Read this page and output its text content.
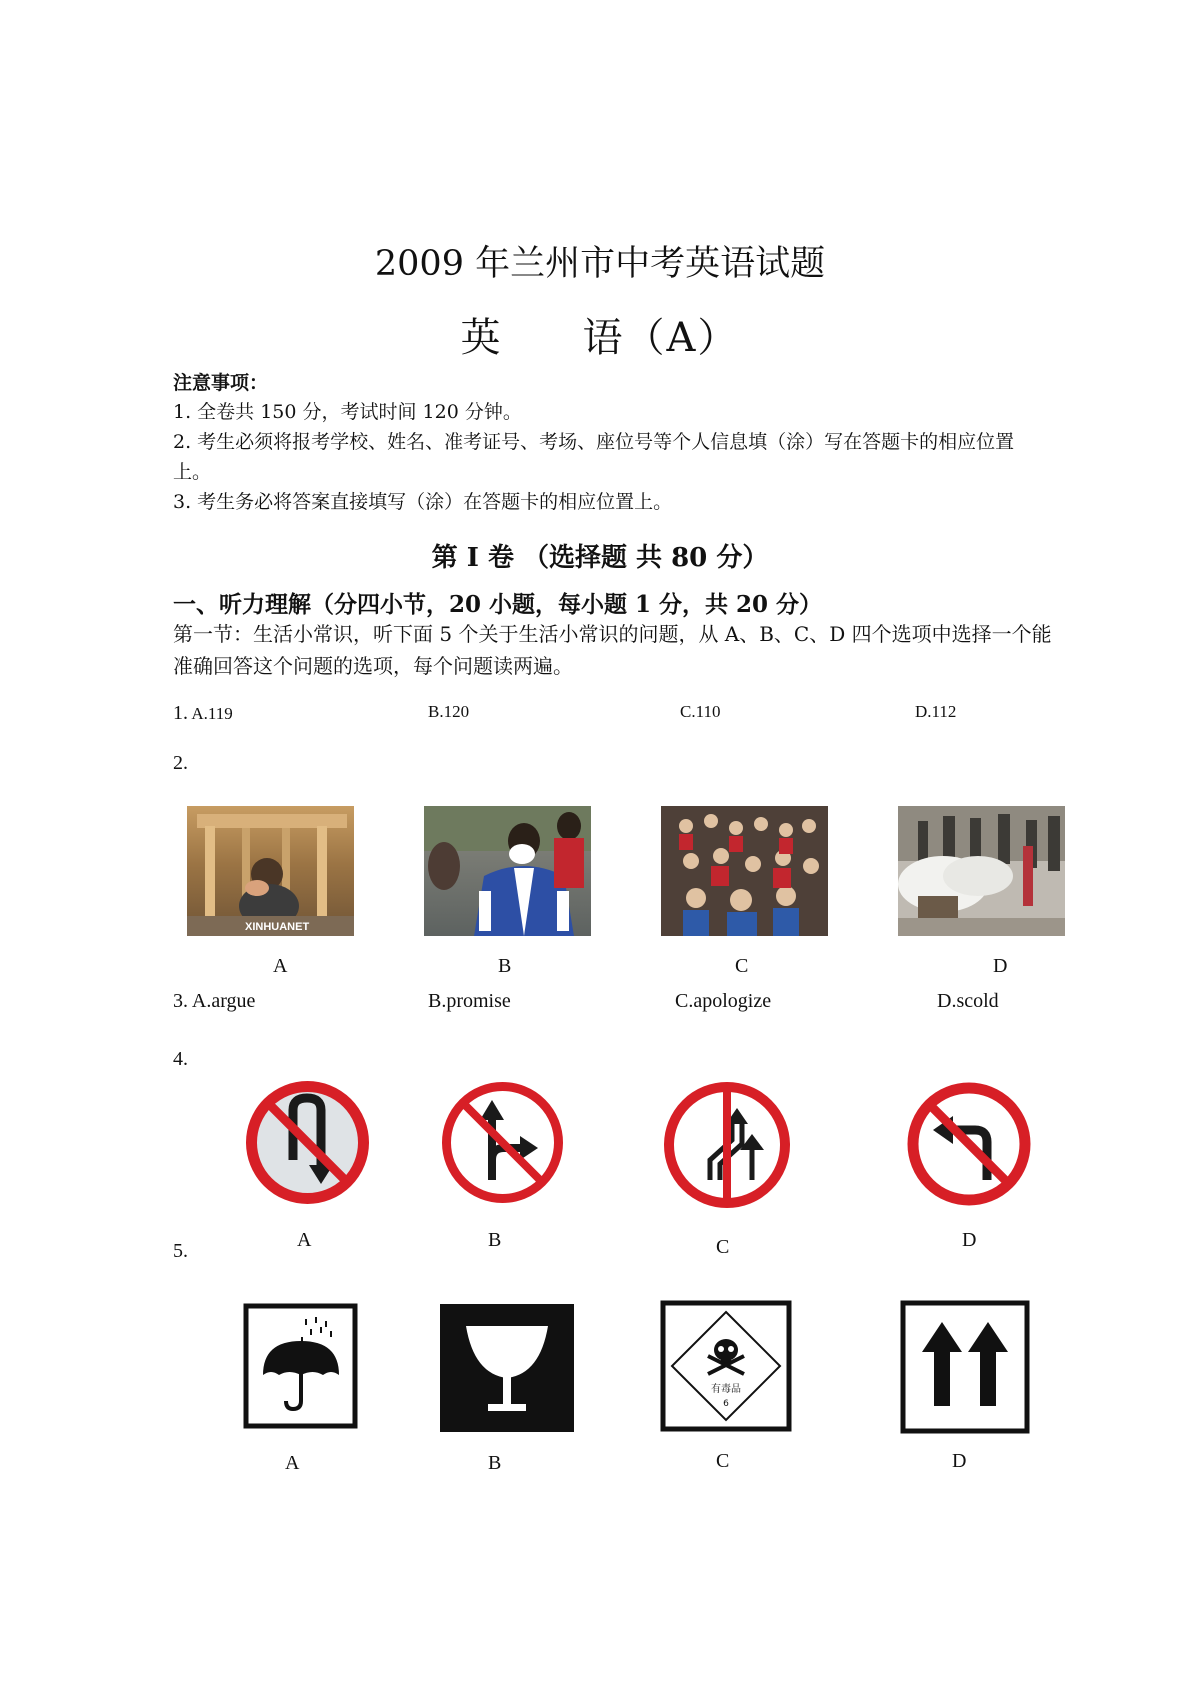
2009 年兰州市中考英语试题
英 语（A）
注意事项：
1. 全卷共 150 分，考试时间 120 分钟。
2. 考生必须将报考学校、姓名、准考证号、考场、座位号等个人信息填（涂）写在答题卡的相应位置上。
3. 考生务必将答案直接填写（涂）在答题卡的相应位置上。
第 I 卷 （选择题 共 80 分）
一、听力理解（分四小节，20 小题，每小题 1 分，共 20 分）
第一节：生活小常识，听下面 5 个关于生活小常识的问题，从 A、B、C、D 四个选项中选择一个能准确回答这个问题的选项，每个问题读两遍。
1. A.119	B.120	C.110	D.112
2.
XINHUANET
A	B	C	D
3. A.argue	B.promise	C.apologize	D.scold
4.
A	B	C	D
5.
有毒品
6
A	B	C	D
